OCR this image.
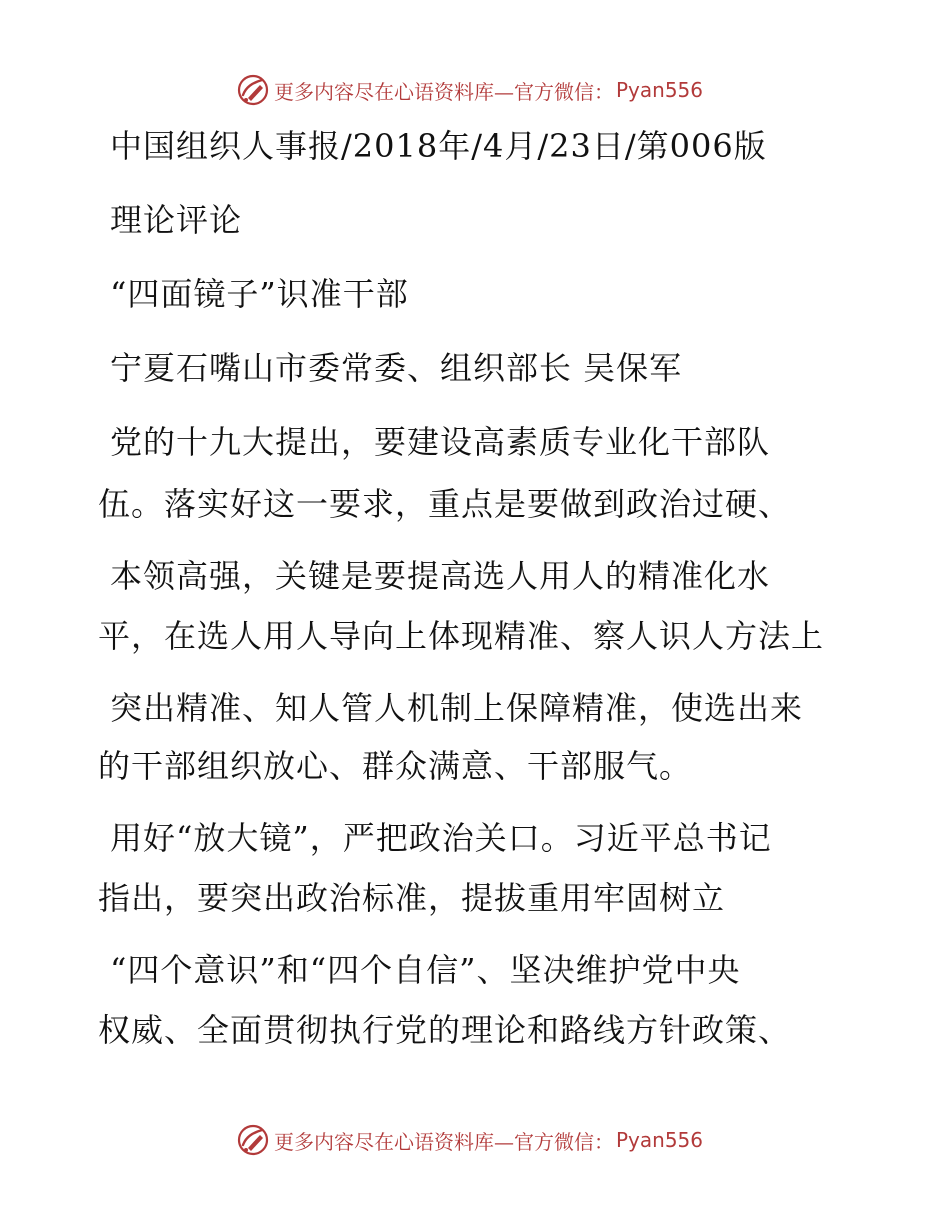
更多内容尽在心语资料库—官方微信： Pyan556
中国组织人事报/2018年/4月/23日/第006版
理论评论
“四面镜子”识准干部
宁夏石嘴山市委常委、组织部长 吴保军
党的十九大提出，要建设高素质专业化干部队
伍。落实好这一要求，重点是要做到政治过硬、
本领高强，关键是要提高选人用人的精准化水
平，在选人用人导向上体现精准、察人识人方法上
突出精准、知人管人机制上保障精准，使选出来
的干部组织放心、群众满意、干部服气。
用好“放大镜”，严把政治关口。习近平总书记
指出，要突出政治标准，提拔重用牢固树立
“四个意识”和“四个自信”、坚决维护党中央
权威、全面贯彻执行党的理论和路线方针政策、
更多内容尽在心语资料库—官方微信： Pyan556
